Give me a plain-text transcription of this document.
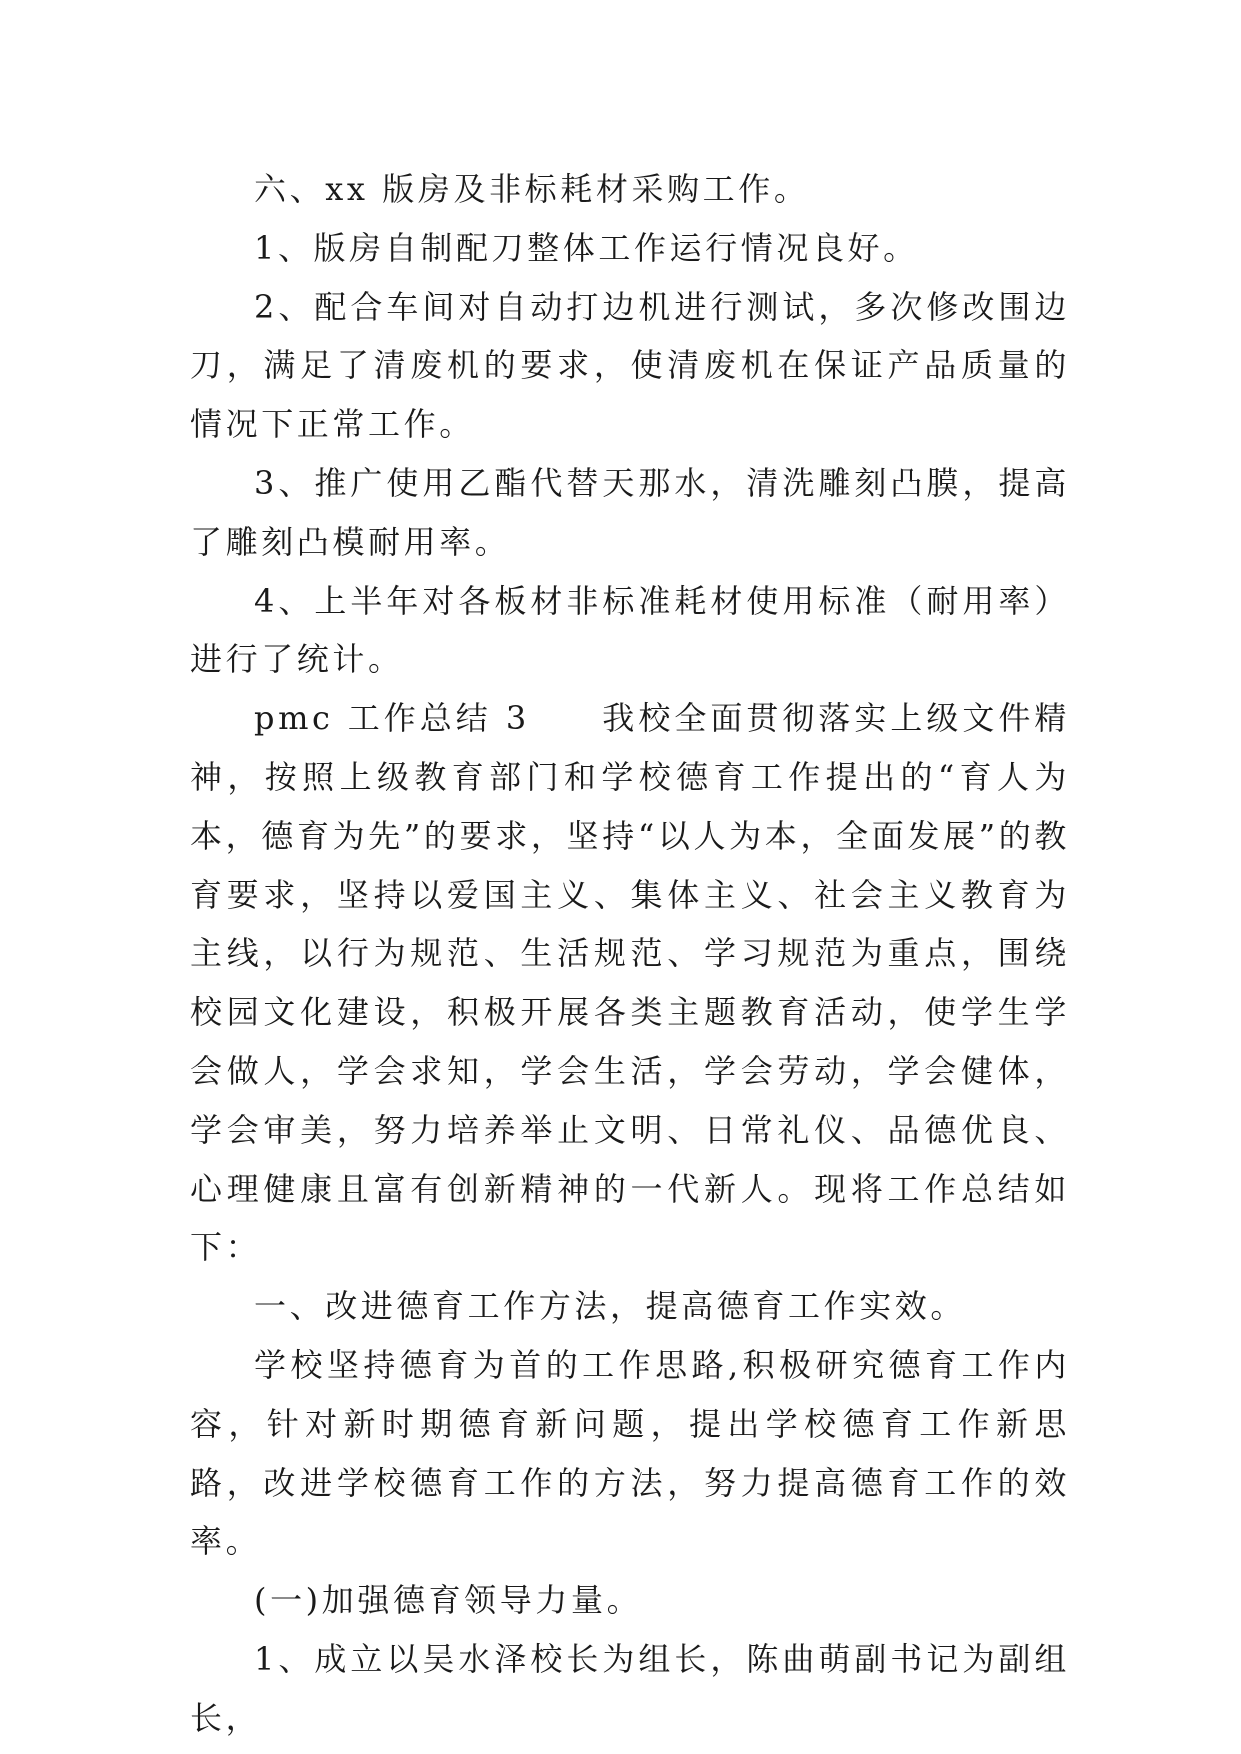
六、xx 版房及非标耗材采购工作。

1、版房自制配刀整体工作运行情况良好。

2、配合车间对自动打边机进行测试，多次修改围边刀，满足了清废机的要求，使清废机在保证产品质量的情况下正常工作。

3、推广使用乙酯代替天那水，清洗雕刻凸膜，提高了雕刻凸模耐用率。

4、上半年对各板材非标准耗材使用标准（耐用率）进行了统计。

pmc 工作总结 3　　我校全面贯彻落实上级文件精神，按照上级教育部门和学校德育工作提出的“育人为本，德育为先”的要求，坚持“以人为本，全面发展”的教育要求，坚持以爱国主义、集体主义、社会主义教育为主线，以行为规范、生活规范、学习规范为重点，围绕校园文化建设，积极开展各类主题教育活动，使学生学会做人，学会求知，学会生活，学会劳动，学会健体，学会审美，努力培养举止文明、日常礼仪、品德优良、心理健康且富有创新精神的一代新人。现将工作总结如下：

一、改进德育工作方法，提高德育工作实效。

学校坚持德育为首的工作思路,积极研究德育工作内容，针对新时期德育新问题，提出学校德育工作新思路，改进学校德育工作的方法，努力提高德育工作的效率。

(一)加强德育领导力量。

1、成立以吴水泽校长为组长，陈曲萌副书记为副组长，
